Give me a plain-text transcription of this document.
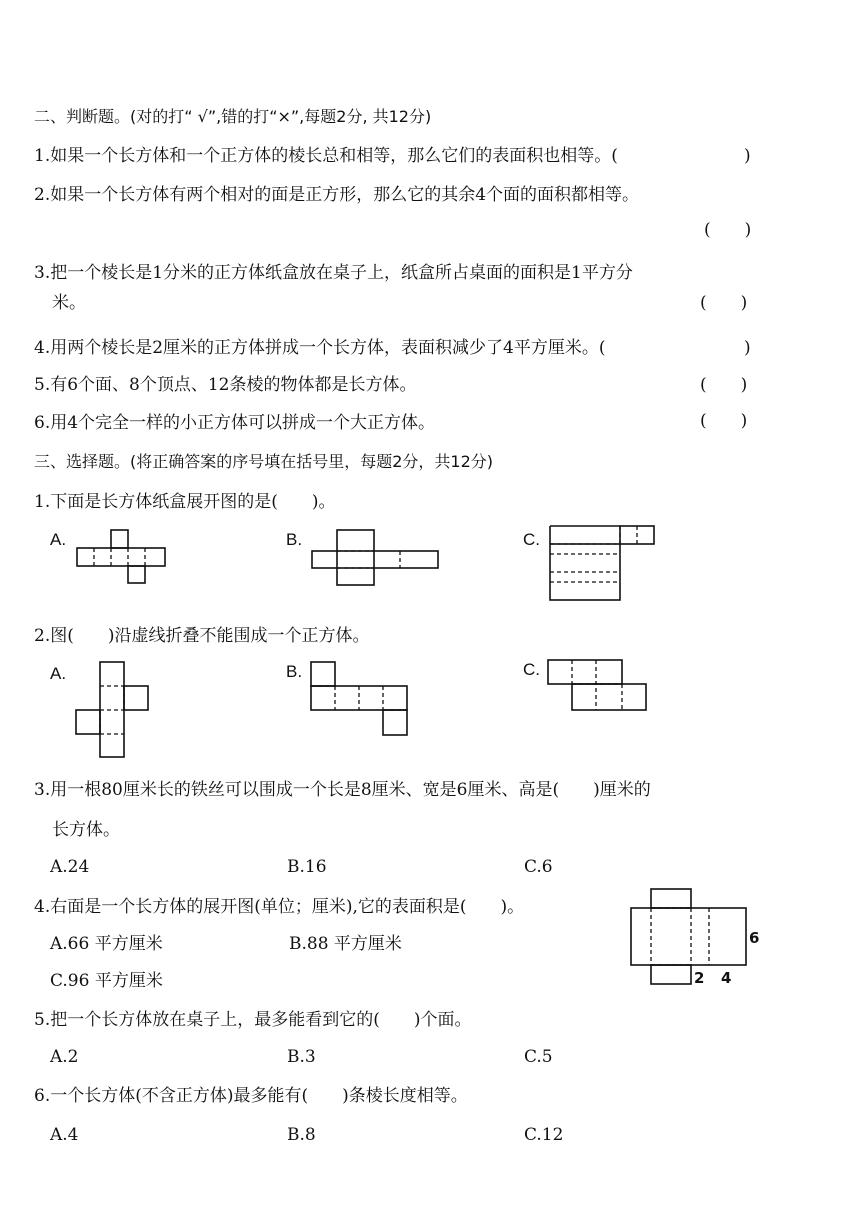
二、判断题。(对的打“ √”,错的打“×”,每题2分, 共12分)
1.如果一个长方体和一个正方体的棱长总和相等，那么它们的表面积也相等。(	)
2.如果一个长方体有两个相对的面是正方形，那么它的其余4个面的面积都相等。
(　　)
3.把一个棱长是1分米的正方体纸盒放在桌子上，纸盒所占桌面的面积是1平方分
米。	(　　)
4.用两个棱长是2厘米的正方体拼成一个长方体，表面积减少了4平方厘米。(	)
5.有6个面、8个顶点、12条棱的物体都是长方体。	(　　)
6.用4个完全一样的小正方体可以拼成一个大正方体。	(　　)
三、选择题。(将正确答案的序号填在括号里，每题2分，共12分)
1.下面是长方体纸盒展开图的是(　　)。
A.	B.	C.
2.图(　　)沿虚线折叠不能围成一个正方体。
A.	B.	C.
3.用一根80厘米长的铁丝可以围成一个长是8厘米、宽是6厘米、高是(　　)厘米的
长方体。
A.24	B.16	C.6
4.右面是一个长方体的展开图(单位；厘米),它的表面积是(　　)。
A.66 平方厘米	B.88 平方厘米
C.96 平方厘米
6
2 4
5.把一个长方体放在桌子上，最多能看到它的(　　)个面。
A.2	B.3	C.5
6.一个长方体(不含正方体)最多能有(　　)条棱长度相等。
A.4	B.8	C.12
